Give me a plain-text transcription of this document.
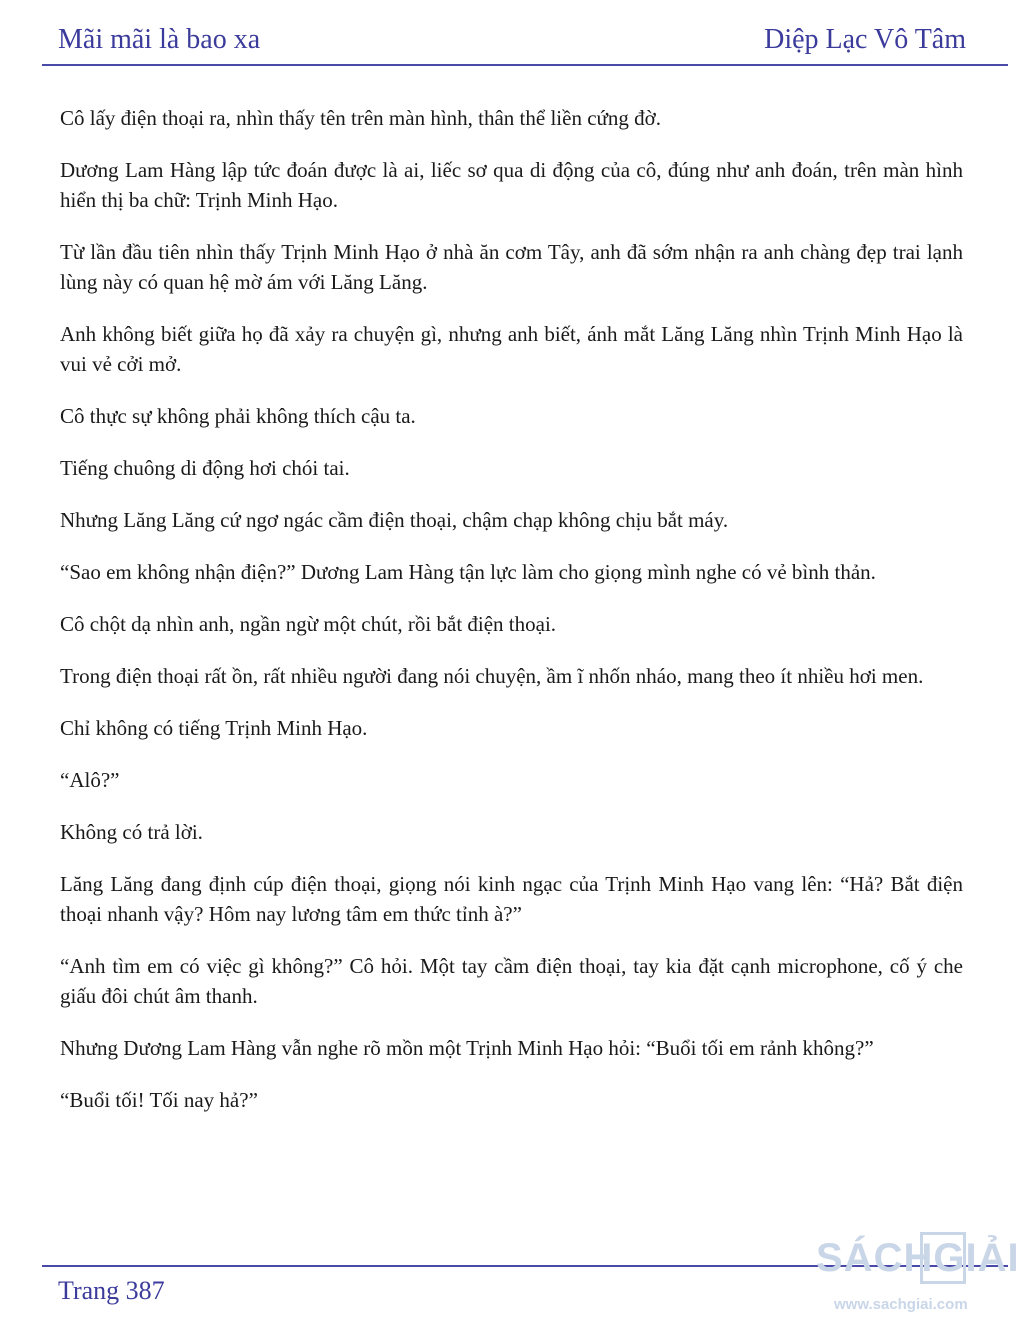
Mãi mãi là bao xa	Diệp Lạc Vô Tâm

Cô lấy điện thoại ra, nhìn thấy tên trên màn hình, thân thể liền cứng đờ.

Dương Lam Hàng lập tức đoán được là ai, liếc sơ qua di động của cô, đúng như anh đoán, trên màn hình hiển thị ba chữ: Trịnh Minh Hạo.

Từ lần đầu tiên nhìn thấy Trịnh Minh Hạo ở nhà ăn cơm Tây, anh đã sớm nhận ra anh chàng đẹp trai lạnh lùng này có quan hệ mờ ám với Lăng Lăng.

Anh không biết giữa họ đã xảy ra chuyện gì, nhưng anh biết, ánh mắt Lăng Lăng nhìn Trịnh Minh Hạo là vui vẻ cởi mở.

Cô thực sự không phải không thích cậu ta.

Tiếng chuông di động hơi chói tai.

Nhưng Lăng Lăng cứ ngơ ngác cầm điện thoại, chậm chạp không chịu bắt máy.

“Sao em không nhận điện?” Dương Lam Hàng tận lực làm cho giọng mình nghe có vẻ bình thản.

Cô chột dạ nhìn anh, ngần ngừ một chút, rồi bắt điện thoại.

Trong điện thoại rất ồn, rất nhiều người đang nói chuyện, ầm ĩ nhốn nháo, mang theo ít nhiều hơi men.

Chỉ không có tiếng Trịnh Minh Hạo.

“Alô?”

Không có trả lời.

Lăng Lăng đang định cúp điện thoại, giọng nói kinh ngạc của Trịnh Minh Hạo vang lên: “Hả? Bắt điện thoại nhanh vậy? Hôm nay lương tâm em thức tỉnh à?”

“Anh tìm em có việc gì không?” Cô hỏi. Một tay cầm điện thoại, tay kia đặt cạnh microphone, cố ý che giấu đôi chút âm thanh.

Nhưng Dương Lam Hàng vẫn nghe rõ mồn một Trịnh Minh Hạo hỏi: “Buổi tối em rảnh không?”

“Buổi tối! Tối nay hả?”

Trang 387
SÁCHGIẢI
www.sachgiai.com
